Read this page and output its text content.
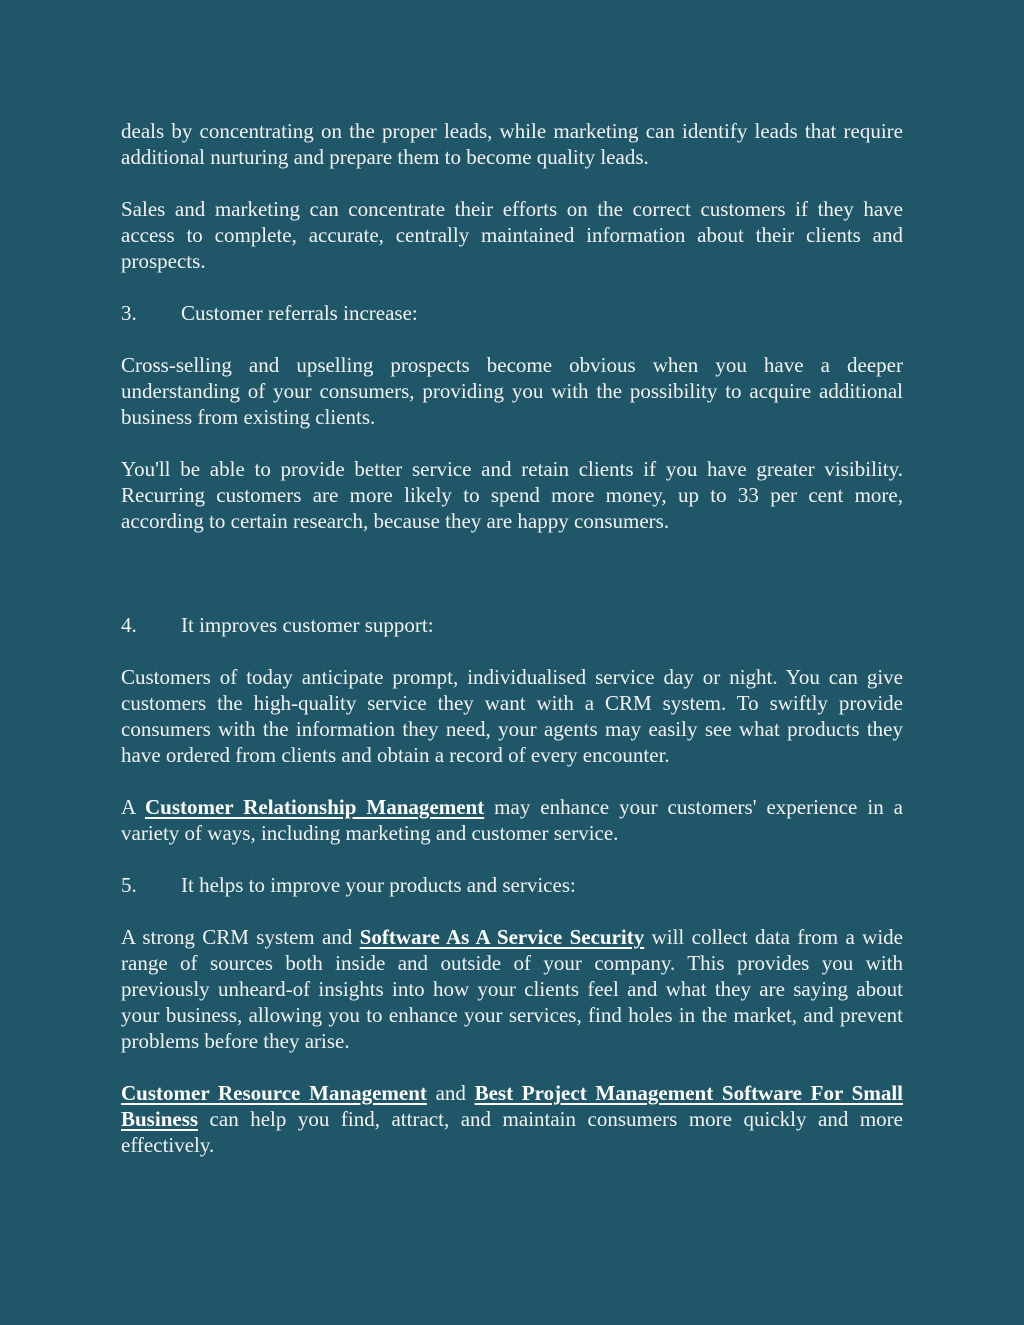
deals by concentrating on the proper leads, while marketing can identify leads that require additional nurturing and prepare them to become quality leads.

Sales and marketing can concentrate their efforts on the correct customers if they have access to complete, accurate, centrally maintained information about their clients and prospects.

3.	Customer referrals increase:

Cross-selling and upselling prospects become obvious when you have a deeper understanding of your consumers, providing you with the possibility to acquire additional business from existing clients.

You'll be able to provide better service and retain clients if you have greater visibility. Recurring customers are more likely to spend more money, up to 33 per cent more, according to certain research, because they are happy consumers.

4.	It improves customer support:

Customers of today anticipate prompt, individualised service day or night. You can give customers the high-quality service they want with a CRM system. To swiftly provide consumers with the information they need, your agents may easily see what products they have ordered from clients and obtain a record of every encounter.

A Customer Relationship Management may enhance your customers' experience in a variety of ways, including marketing and customer service.

5.	It helps to improve your products and services:

A strong CRM system and Software As A Service Security will collect data from a wide range of sources both inside and outside of your company. This provides you with previously unheard-of insights into how your clients feel and what they are saying about your business, allowing you to enhance your services, find holes in the market, and prevent problems before they arise.

Customer Resource Management and Best Project Management Software For Small Business can help you find, attract, and maintain consumers more quickly and more effectively.
